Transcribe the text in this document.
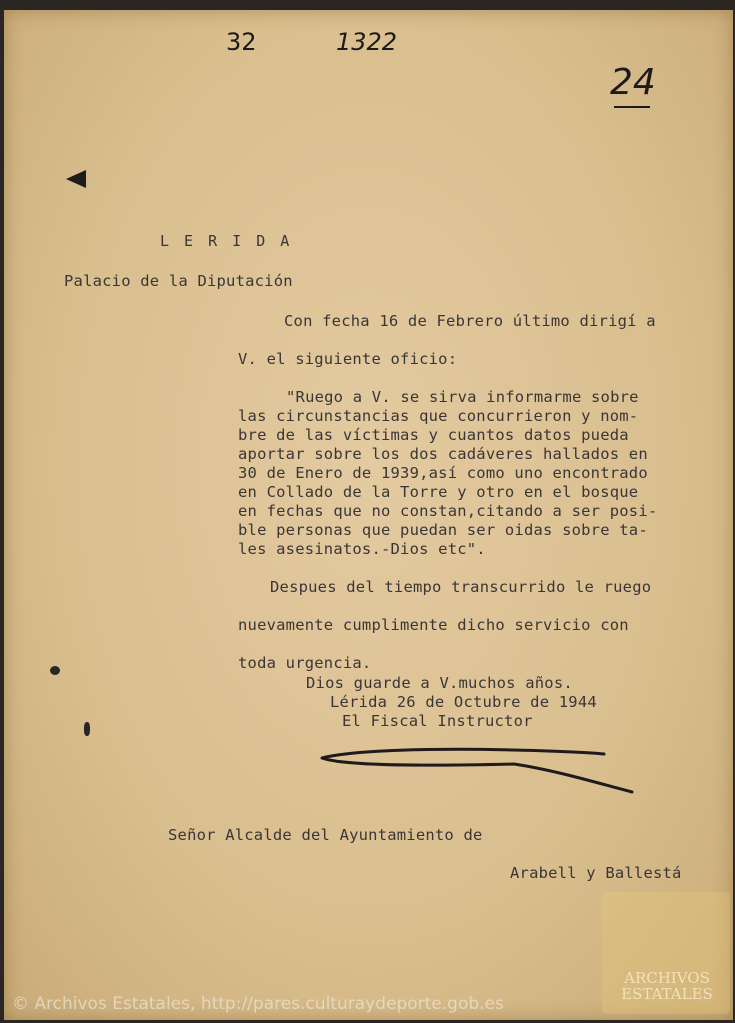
32	1322
24
L E R I D A
Palacio de la Diputación
Con fecha 16 de Febrero último dirigí a
V. el siguiente oficio:
"Ruego a V. se sirva informarme sobre
las circunstancias que concurrieron y nom-
bre de las víctimas y cuantos datos pueda
aportar sobre los dos cadáveres hallados en
30 de Enero de 1939,así como uno encontrado
en Collado de la Torre y otro en el bosque
en fechas que no constan,citando a ser posi-
ble personas que puedan ser oidas sobre ta-
les asesinatos.-Dios etc".
Despues del tiempo transcurrido le ruego
nuevamente cumplimente dicho servicio con
toda urgencia.
Dios guarde a V.muchos años.
Lérida 26 de Octubre de 1944
El Fiscal Instructor
Señor Alcalde del Ayuntamiento de
Arabell y Ballestá
ARCHIVOS ESTATALES
© Archivos Estatales, http://pares.culturaydeporte.gob.es
